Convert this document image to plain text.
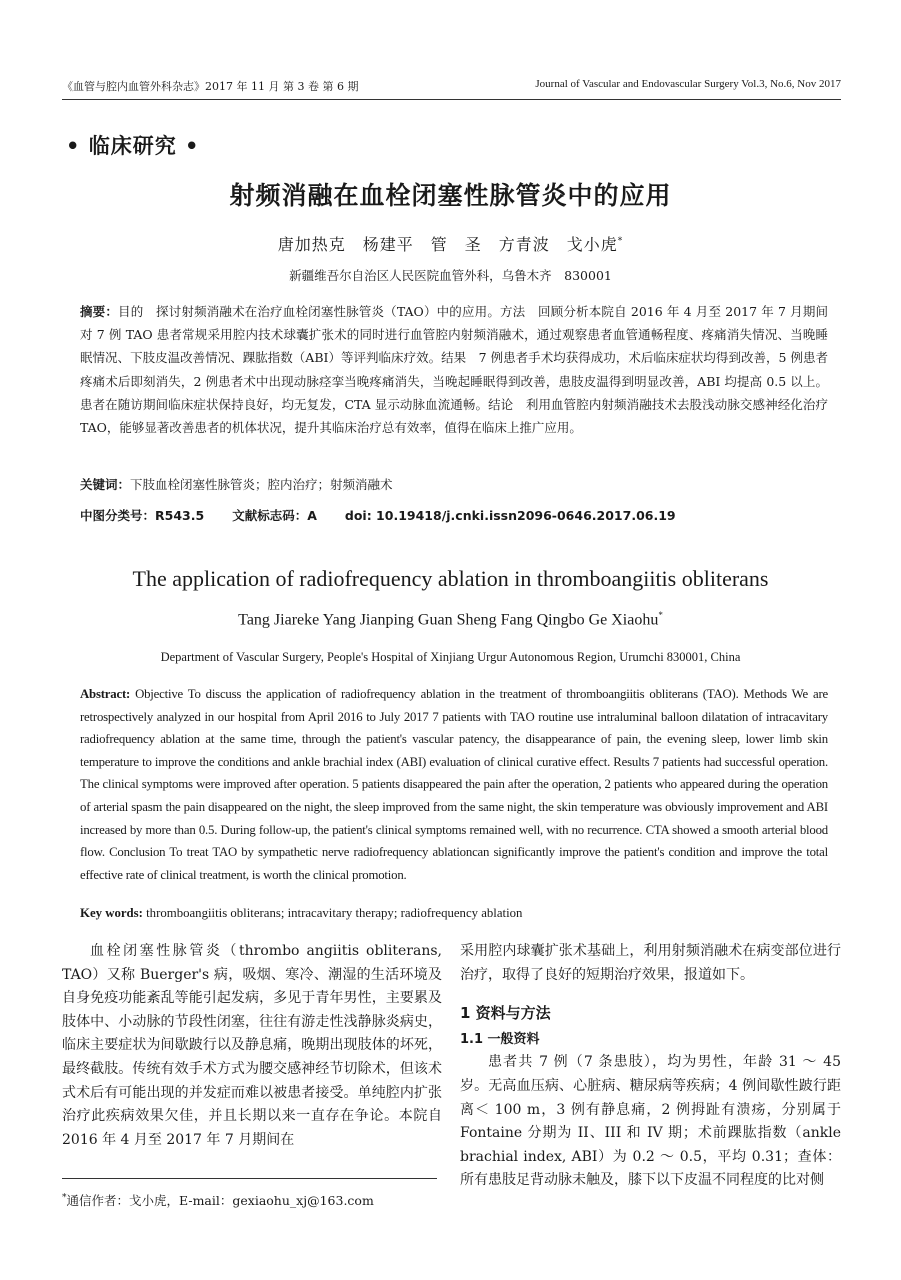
《血管与腔内血管外科杂志》2017 年 11 月 第 3 卷 第 6 期	Journal of Vascular and Endovascular Surgery Vol.3, No.6, Nov 2017
• 临床研究 •
射频消融在血栓闭塞性脉管炎中的应用
唐加热克　杨建平　管　圣　方青波　戈小虎*
新疆维吾尔自治区人民医院血管外科，乌鲁木齐　830001
摘要：目的　探讨射频消融术在治疗血栓闭塞性脉管炎（TAO）中的应用。方法　回顾分析本院自 2016 年 4 月至 2017 年 7 月期间对 7 例 TAO 患者常规采用腔内技术球囊扩张术的同时进行血管腔内射频消融术，通过观察患者血管通畅程度、疼痛消失情况、当晚睡眠情况、下肢皮温改善情况、踝肱指数（ABI）等评判临床疗效。结果　7 例患者手术均获得成功，术后临床症状均得到改善，5 例患者疼痛术后即刻消失，2 例患者术中出现动脉痉挛当晚疼痛消失，当晚起睡眠得到改善，患肢皮温得到明显改善，ABI 均提高 0.5 以上。患者在随访期间临床症状保持良好，均无复发，CTA 显示动脉血流通畅。结论　利用血管腔内射频消融技术去股浅动脉交感神经化治疗 TAO，能够显著改善患者的机体状况，提升其临床治疗总有效率，值得在临床上推广应用。
关键词：下肢血栓闭塞性脉管炎；腔内治疗；射频消融术
中图分类号：R543.5 文献标志码：A doi: 10.19418/j.cnki.issn2096-0646.2017.06.19
The application of radiofrequency ablation in thromboangiitis obliterans
Tang Jiareke Yang Jianping Guan Sheng Fang Qingbo Ge Xiaohu*
Department of Vascular Surgery, People's Hospital of Xinjiang Urgur Autonomous Region, Urumchi 830001, China
Abstract: Objective To discuss the application of radiofrequency ablation in the treatment of thromboangiitis obliterans (TAO). Methods We are retrospectively analyzed in our hospital from April 2016 to July 2017 7 patients with TAO routine use intraluminal balloon dilatation of intracavitary radiofrequency ablation at the same time, through the patient's vascular patency, the disappearance of pain, the evening sleep, lower limb skin temperature to improve the conditions and ankle brachial index (ABI) evaluation of clinical curative effect. Results 7 patients had successful operation. The clinical symptoms were improved after operation. 5 patients disappeared the pain after the operation, 2 patients who appeared during the operation of arterial spasm the pain disappeared on the night, the sleep improved from the same night, the skin temperature was obviously improvement and ABI increased by more than 0.5. During follow-up, the patient's clinical symptoms remained well, with no recurrence. CTA showed a smooth arterial blood flow. Conclusion To treat TAO by sympathetic nerve radiofrequency ablationcan significantly improve the patient's condition and improve the total effective rate of clinical treatment, is worth the clinical promotion.
Key words: thromboangiitis obliterans; intracavitary therapy; radiofrequency ablation

血栓闭塞性脉管炎（thrombo angiitis obliterans, TAO）又称 Buerger's 病，吸烟、寒冷、潮湿的生活环境及自身免疫功能紊乱等能引起发病，多见于青年男性，主要累及肢体中、小动脉的节段性闭塞，往往有游走性浅静脉炎病史，临床主要症状为间歇跛行以及静息痛，晚期出现肢体的坏死，最终截肢。传统有效手术方式为腰交感神经节切除术，但该术式术后有可能出现的并发症而难以被患者接受。单纯腔内扩张治疗此疾病效果欠佳，并且长期以来一直存在争论。本院自 2016 年 4 月至 2017 年 7 月期间在

采用腔内球囊扩张术基础上，利用射频消融术在病变部位进行治疗，取得了良好的短期治疗效果，报道如下。

1 资料与方法

1.1 一般资料

患者共 7 例（7 条患肢），均为男性，年龄 31 ～ 45 岁。无高血压病、心脏病、糖尿病等疾病；4 例间歇性跛行距离＜ 100 m，3 例有静息痛，2 例拇趾有溃疡，分别属于 Fontaine 分期为 II、III 和 IV 期；术前踝肱指数（ankle brachial index, ABI）为 0.2 ～ 0.5，平均 0.31；查体：所有患肢足背动脉未触及，膝下以下皮温不同程度的比对侧

*通信作者：戈小虎，E-mail：gexiaohu_xj@163.com
